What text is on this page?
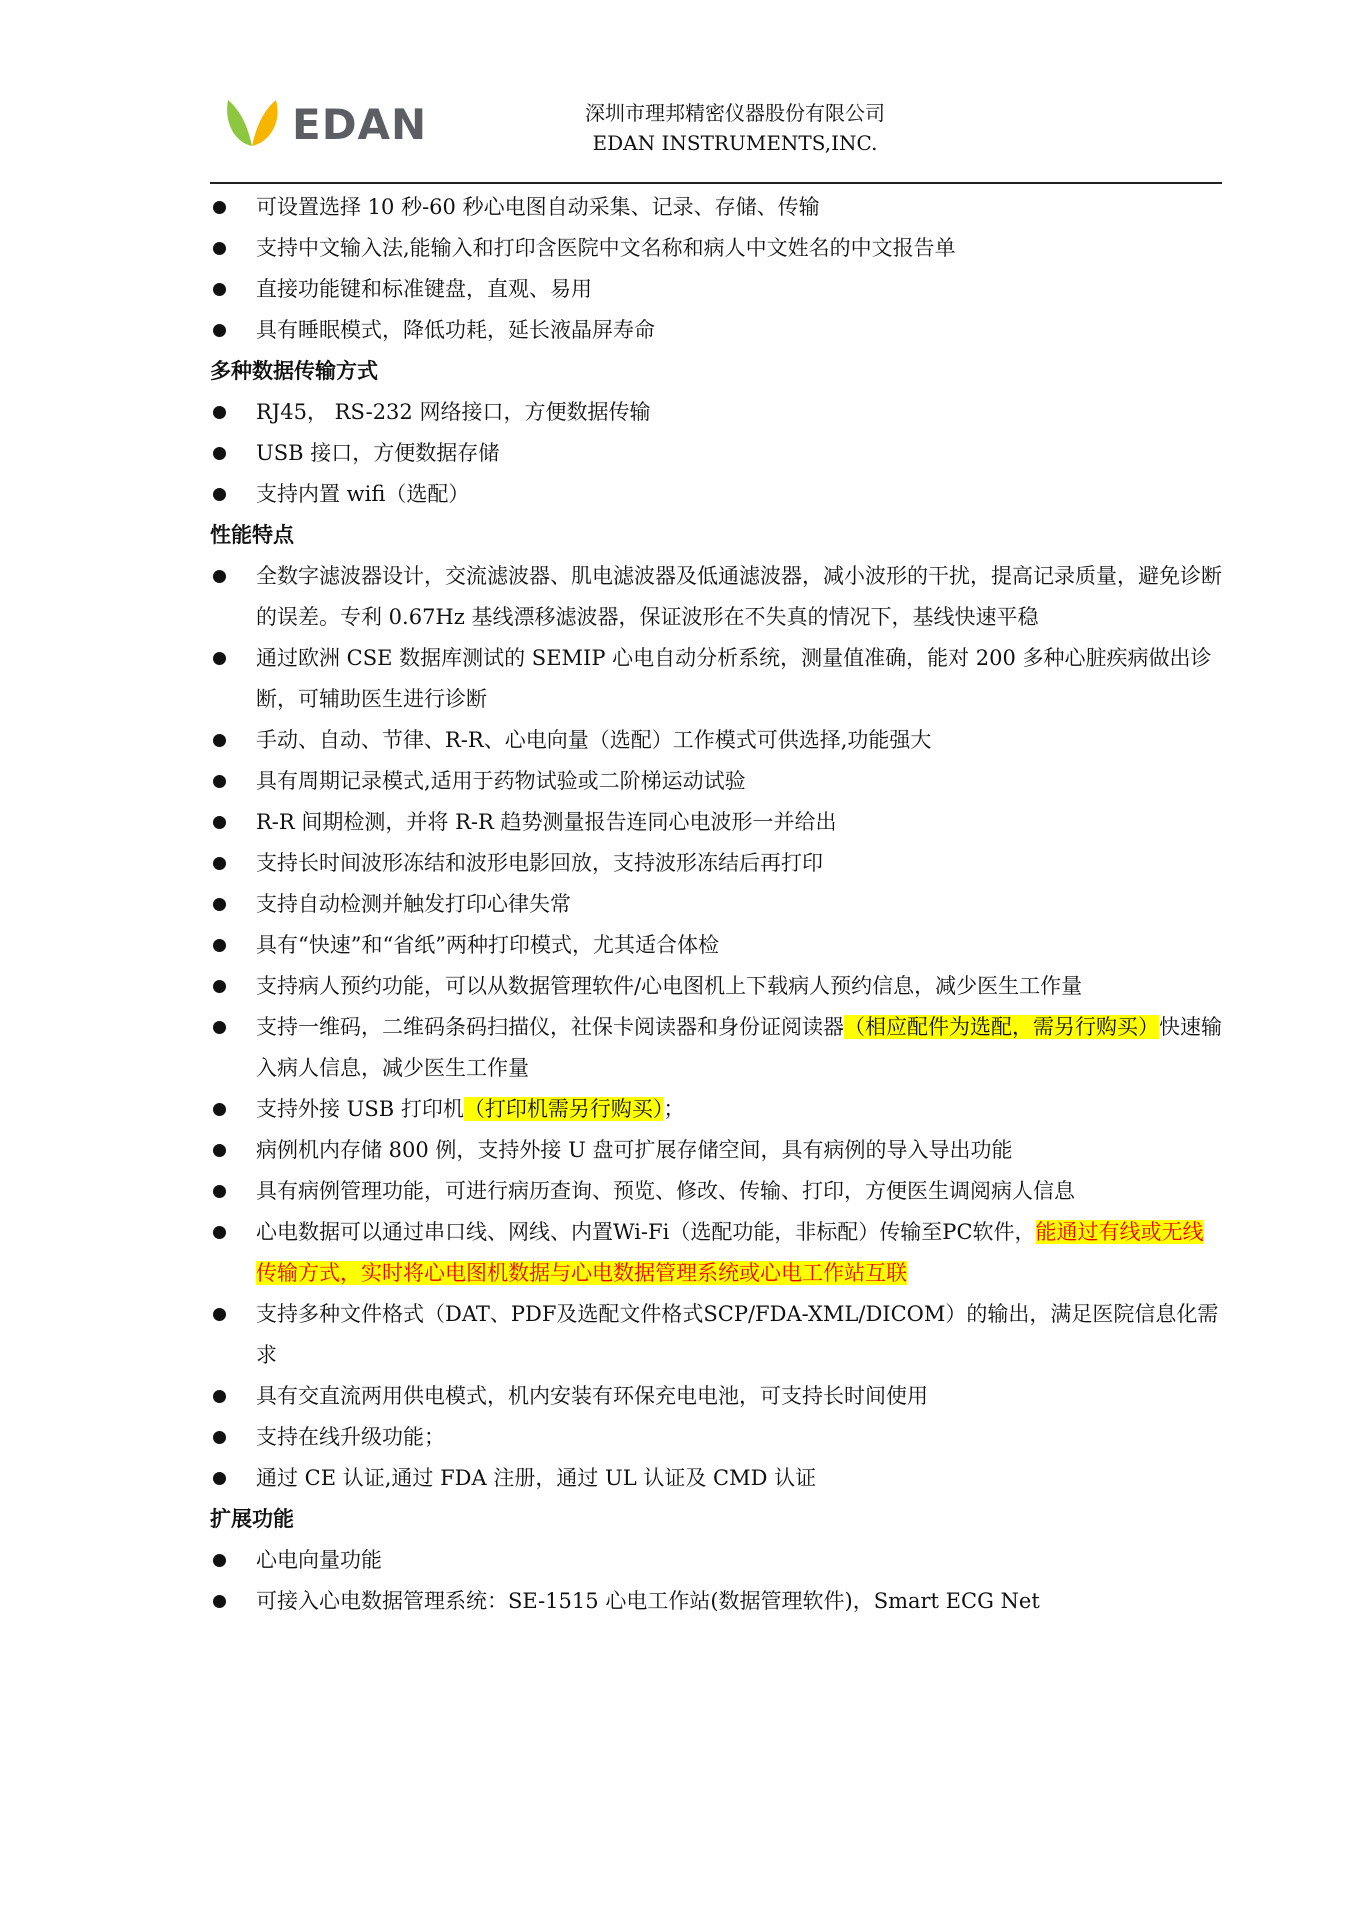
EDAN	深圳市理邦精密仪器股份有限公司
EDAN INSTRUMENTS,INC.
可设置选择 10 秒-60 秒心电图自动采集、记录、存储、传输
支持中文输入法,能输入和打印含医院中文名称和病人中文姓名的中文报告单
直接功能键和标准键盘，直观、易用
具有睡眠模式，降低功耗，延长液晶屏寿命
多种数据传输方式
RJ45， RS-232 网络接口，方便数据传输
USB 接口，方便数据存储
支持内置 wifi（选配）
性能特点
全数字滤波器设计，交流滤波器、肌电滤波器及低通滤波器，减小波形的干扰，提高记录质量，避免诊断的误差。专利 0.67Hz 基线漂移滤波器，保证波形在不失真的情况下，基线快速平稳
通过欧洲 CSE 数据库测试的 SEMIP 心电自动分析系统，测量值准确，能对 200 多种心脏疾病做出诊断，可辅助医生进行诊断
手动、自动、节律、R-R、心电向量（选配）工作模式可供选择,功能强大
具有周期记录模式,适用于药物试验或二阶梯运动试验
R-R 间期检测，并将 R-R 趋势测量报告连同心电波形一并给出
支持长时间波形冻结和波形电影回放，支持波形冻结后再打印
支持自动检测并触发打印心律失常
具有“快速”和“省纸”两种打印模式，尤其适合体检
支持病人预约功能，可以从数据管理软件/心电图机上下载病人预约信息，减少医生工作量
支持一维码，二维码条码扫描仪，社保卡阅读器和身份证阅读器（相应配件为选配，需另行购买）快速输入病人信息，减少医生工作量
支持外接 USB 打印机（打印机需另行购买）；
病例机内存储 800 例，支持外接 U 盘可扩展存储空间，具有病例的导入导出功能
具有病例管理功能，可进行病历查询、预览、修改、传输、打印，方便医生调阅病人信息
心电数据可以通过串口线、网线、内置Wi-Fi（选配功能，非标配）传输至PC软件，能通过有线或无线传输方式，实时将心电图机数据与心电数据管理系统或心电工作站互联
支持多种文件格式（DAT、PDF及选配文件格式SCP/FDA-XML/DICOM）的输出，满足医院信息化需求
具有交直流两用供电模式，机内安装有环保充电电池，可支持长时间使用
支持在线升级功能；
通过 CE 认证,通过 FDA 注册，通过 UL 认证及 CMD 认证
扩展功能
心电向量功能
可接入心电数据管理系统：SE-1515 心电工作站(数据管理软件)，Smart ECG Net
